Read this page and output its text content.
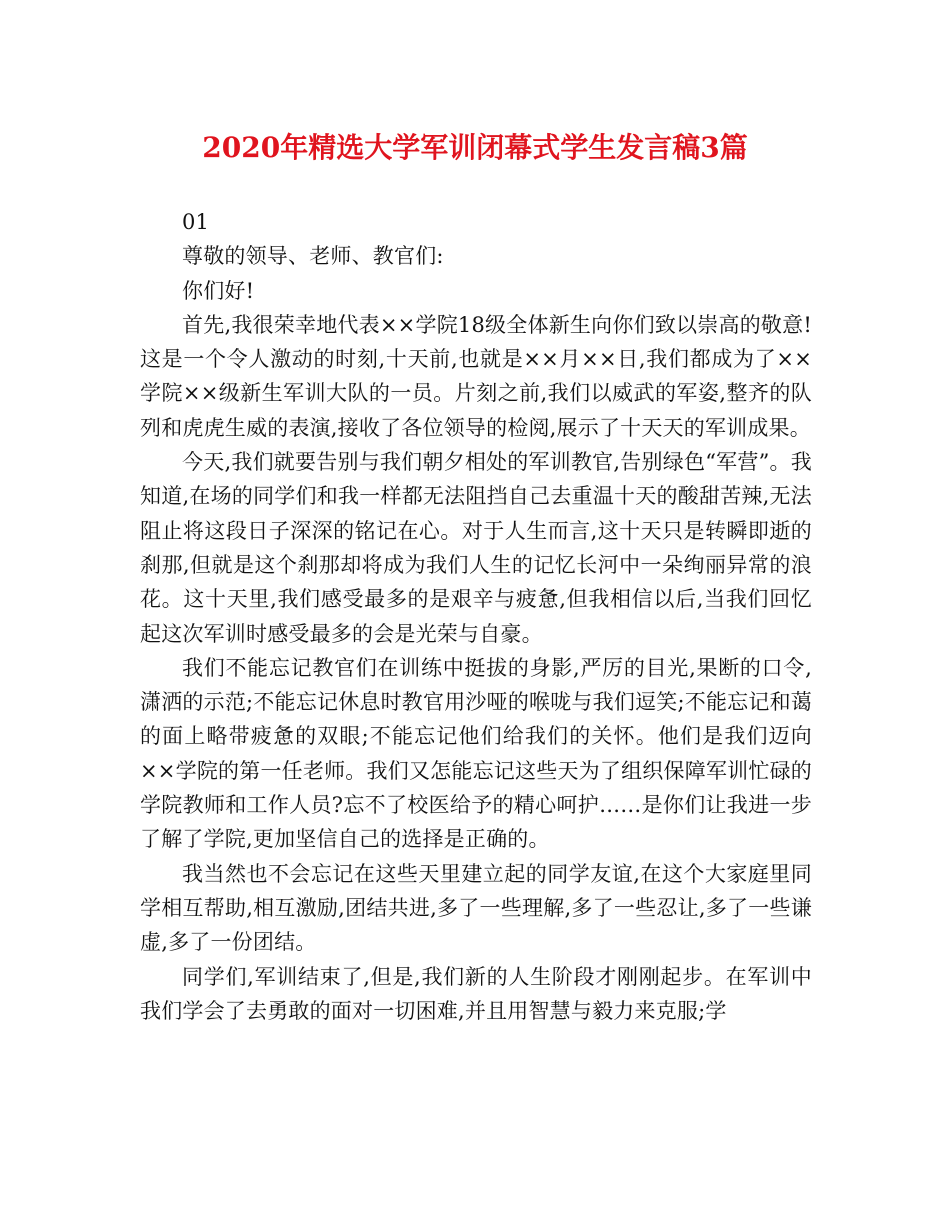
2020年精选大学军训闭幕式学生发言稿3篇

01

尊敬的领导、老师、教官们:

你们好!

首先,我很荣幸地代表××学院18级全体新生向你们致以崇高的敬意!这是一个令人激动的时刻,十天前,也就是××月××日,我们都成为了××学院××级新生军训大队的一员。片刻之前,我们以威武的军姿,整齐的队列和虎虎生威的表演,接收了各位领导的检阅,展示了十天天的军训成果。

今天,我们就要告别与我们朝夕相处的军训教官,告别绿色“军营”。我知道,在场的同学们和我一样都无法阻挡自己去重温十天的酸甜苦辣,无法阻止将这段日子深深的铭记在心。对于人生而言,这十天只是转瞬即逝的刹那,但就是这个刹那却将成为我们人生的记忆长河中一朵绚丽异常的浪花。这十天里,我们感受最多的是艰辛与疲惫,但我相信以后,当我们回忆起这次军训时感受最多的会是光荣与自豪。

我们不能忘记教官们在训练中挺拔的身影,严厉的目光,果断的口令,潇洒的示范;不能忘记休息时教官用沙哑的喉咙与我们逗笑;不能忘记和蔼的面上略带疲惫的双眼;不能忘记他们给我们的关怀。他们是我们迈向××学院的第一任老师。我们又怎能忘记这些天为了组织保障军训忙碌的学院教师和工作人员?忘不了校医给予的精心呵护……是你们让我进一步了解了学院,更加坚信自己的选择是正确的。

我当然也不会忘记在这些天里建立起的同学友谊,在这个大家庭里同学相互帮助,相互激励,团结共进,多了一些理解,多了一些忍让,多了一些谦虚,多了一份团结。

同学们,军训结束了,但是,我们新的人生阶段才刚刚起步。在军训中我们学会了去勇敢的面对一切困难,并且用智慧与毅力来克服;学
